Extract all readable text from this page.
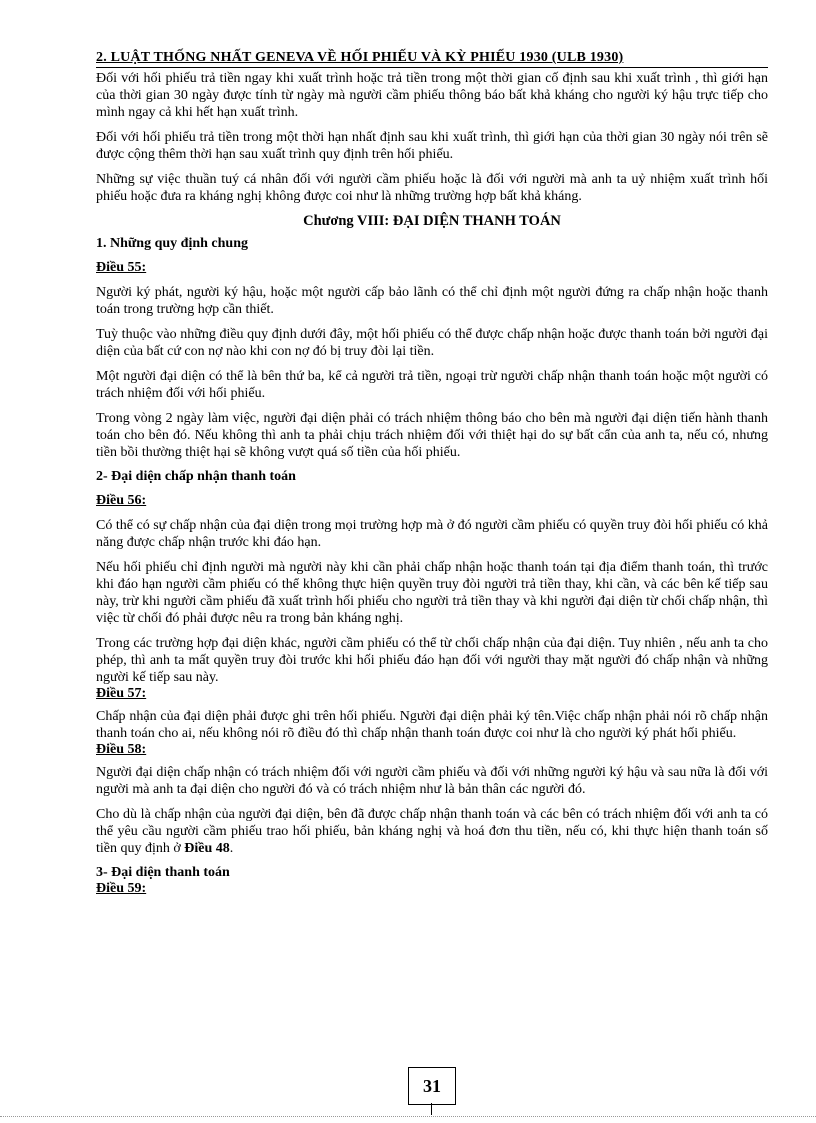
2. LUẬT THỐNG NHẤT GENEVA VỀ HỐI PHIẾU VÀ KỲ PHIẾU 1930 (ULB 1930)

Đối với hối phiếu trả tiền ngay khi xuất trình hoặc trả tiền trong một thời gian cố định sau khi xuất trình , thì giới hạn của thời gian 30 ngày được tính từ ngày mà người cầm phiếu thông báo bất khả kháng cho người ký hậu trực tiếp cho mình ngay cả khi hết hạn xuất trình.

Đối với hối phiếu trả tiền trong một thời hạn nhất định sau khi xuất trình, thì giới hạn của thời gian 30 ngày nói trên sẽ được cộng thêm thời hạn sau xuất trình quy định trên hối phiếu.

Những sự việc thuần tuý cá nhân đối với người cầm phiếu hoặc là đối với người mà anh ta uỷ nhiệm xuất trình hối phiếu hoặc đưa ra kháng nghị không được coi như là những trường hợp bất khả kháng.

Chương VIII: ĐẠI DIỆN THANH TOÁN
1. Những quy định chung
Điều 55:

Người ký phát, người ký hậu, hoặc một người cấp bảo lãnh có thể chỉ định một người đứng ra chấp nhận hoặc thanh toán trong trường hợp cần thiết.

Tuỳ thuộc vào những điều quy định dưới đây, một hối phiếu có thể được chấp nhận hoặc được thanh toán bởi người đại diện của bất cứ con nợ nào khi con nợ đó bị truy đòi lại tiền.

Một người đại diện có thể là bên thứ ba, kể cả người trả tiền, ngoại trừ người chấp nhận thanh toán hoặc một người có trách nhiệm đối với hối phiếu.

Trong vòng 2 ngày làm việc, người đại diện phải có trách nhiệm thông báo cho bên mà người đại diện tiến hành thanh toán cho bên đó. Nếu không thì anh ta phải chịu trách nhiệm đối với thiệt hại do sự bất cẩn của anh ta, nếu có, nhưng tiền bồi thường thiệt hại sẽ không vượt quá số tiền của hối phiếu.

2- Đại diện chấp nhận thanh toán
Điều 56:

Có thể có sự chấp nhận của đại diện trong mọi trường hợp mà ở đó người cầm phiếu có quyền truy đòi hối phiếu có khả năng được chấp nhận trước khi đáo hạn.

Nếu hối phiếu chỉ định người mà người này khi cần phải chấp nhận hoặc thanh toán tại địa điểm thanh toán, thì trước khi đáo hạn người cầm phiếu có thể không thực hiện quyền truy đòi người trả tiền thay, khi cần, và các bên kế tiếp sau này, trừ khi người cầm phiếu đã xuất trình hối phiếu cho người trả tiền thay và khi người đại diện từ chối chấp nhận, thì việc từ chối đó phải được nêu ra trong bản kháng nghị.

Trong các trường hợp đại diện khác, người cầm phiếu có thể từ chối chấp nhận của đại diện. Tuy nhiên , nếu anh ta cho phép, thì anh ta mất quyền truy đòi trước khi hối phiếu đáo hạn đối với người thay mặt người đó chấp nhận và những người kế tiếp sau này.

Điều 57:

Chấp nhận của đại diện phải được ghi trên hối phiếu. Người đại diện phải ký tên.Việc chấp nhận phải nói rõ chấp nhận thanh toán cho ai, nếu không nói rõ điều đó thì chấp nhận thanh toán được coi như là cho người ký phát hối phiếu.

Điều 58:

Người đại diện chấp nhận có trách nhiệm đối với người cầm phiếu và đối với những người ký hậu và sau nữa là đối với người mà anh ta đại diện cho người đó và có trách nhiệm như là bản thân các người đó.

Cho dù là chấp nhận của người đại diện, bên đã được chấp nhận thanh toán và các bên có trách nhiệm đối với anh ta có thể yêu cầu người cầm phiếu trao hối phiếu, bản kháng nghị và hoá đơn thu tiền, nếu có, khi thực hiện thanh toán số tiền quy định ở Điều 48.

3- Đại diện thanh toán
Điều 59:
31
